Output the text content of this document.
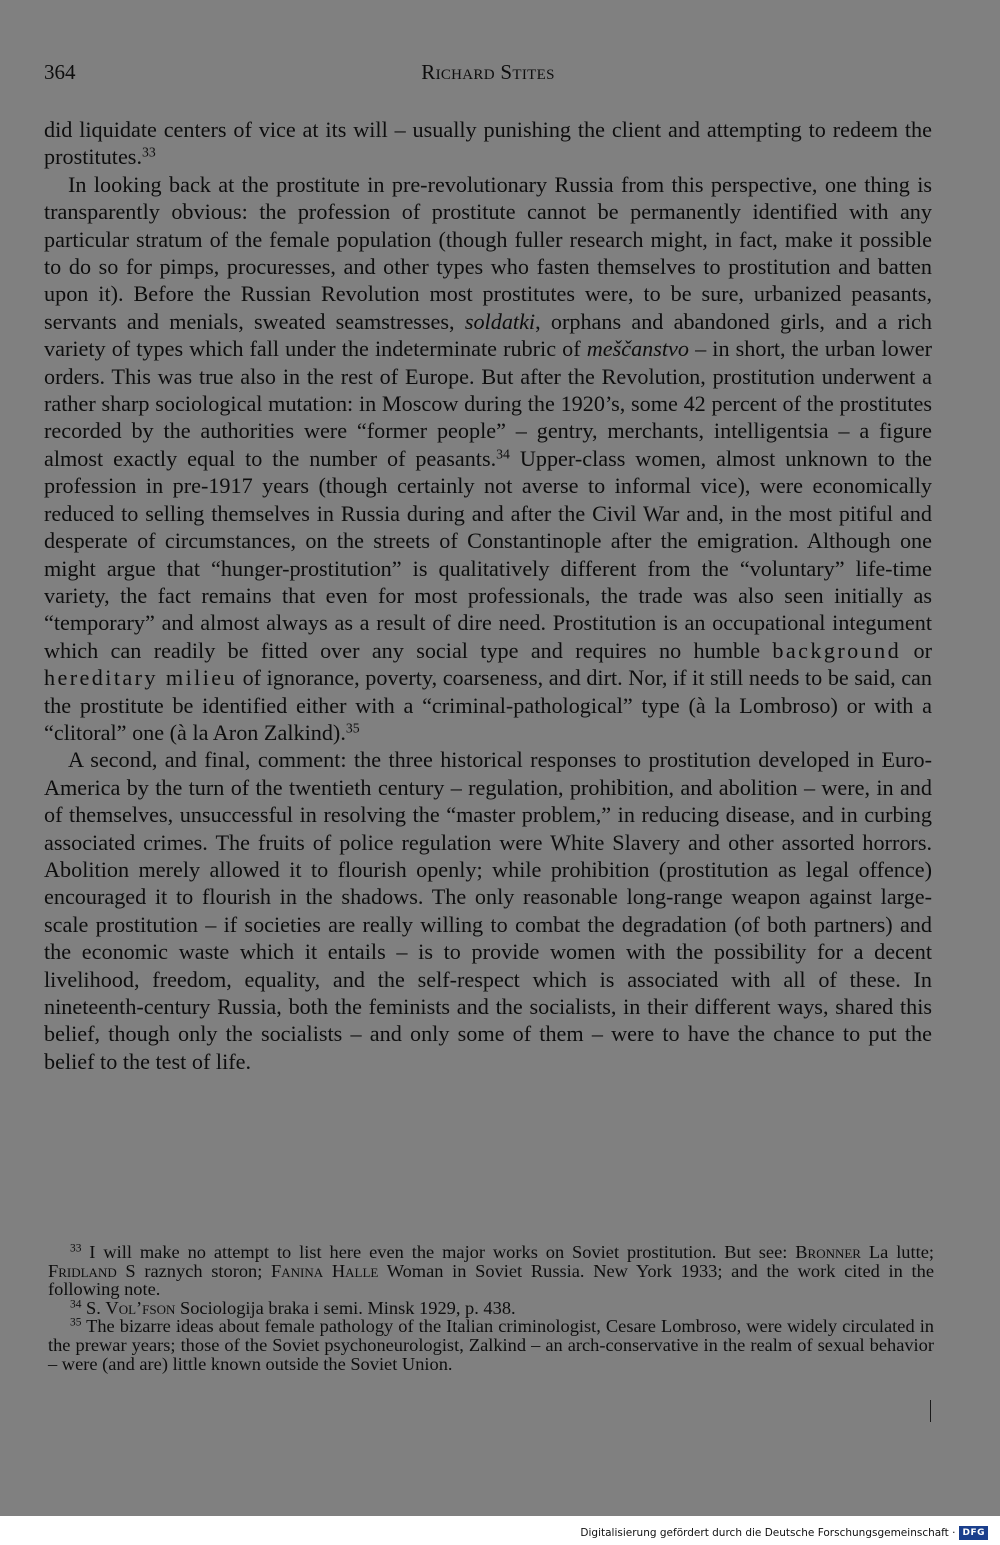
364	Richard Stites

did liquidate centers of vice at its will – usually punishing the client and attempting to redeem the prostitutes.$^{33}$

In looking back at the prostitute in pre-revolutionary Russia from this perspective, one thing is transparently obvious: the profession of prostitute cannot be permanently identified with any particular stratum of the female population (though fuller research might, in fact, make it possible to do so for pimps, procuresses, and other types who fasten themselves to prostitution and batten upon it). Before the Russian Revolution most prostitutes were, to be sure, urbanized peasants, servants and menials, sweated seamstresses, soldatki, orphans and abandoned girls, and a rich variety of types which fall under the indeterminate rubric of meščanstvo – in short, the urban lower orders. This was true also in the rest of Europe. But after the Revolution, prostitution underwent a rather sharp sociological mutation: in Moscow during the 1920’s, some 42 percent of the prostitutes recorded by the authorities were “former people” – gentry, merchants, intelligentsia – a figure almost exactly equal to the number of peasants.$^{34}$ Upper-class women, almost unknown to the profession in pre-1917 years (though certainly not averse to informal vice), were economically reduced to selling themselves in Russia during and after the Civil War and, in the most pitiful and desperate of circumstances, on the streets of Constantinople after the emigration. Although one might argue that “hunger-prostitution” is qualitatively different from the “voluntary” life-time variety, the fact remains that even for most professionals, the trade was also seen initially as “temporary” and almost always as a result of dire need. Prostitution is an occupational integument which can readily be fitted over any social type and requires no humble background or hereditary milieu of ignorance, poverty, coarseness, and dirt. Nor, if it still needs to be said, can the prostitute be identified either with a “criminal-pathological” type (à la Lombroso) or with a “clitoral” one (à la Aron Zalkind).$^{35}$

A second, and final, comment: the three historical responses to prostitution developed in Euro-America by the turn of the twentieth century – regulation, prohibition, and abolition – were, in and of themselves, unsuccessful in resolving the “master problem,” in reducing disease, and in curbing associated crimes. The fruits of police regulation were White Slavery and other assorted horrors. Abolition merely allowed it to flourish openly; while prohibition (prostitution as legal offence) encouraged it to flourish in the shadows. The only reasonable long-range weapon against large-scale prostitution – if societies are really willing to combat the degradation (of both partners) and the economic waste which it entails – is to provide women with the possibility for a decent livelihood, freedom, equality, and the self-respect which is associated with all of these. In nineteenth-century Russia, both the feminists and the socialists, in their different ways, shared this belief, though only the socialists – and only some of them – were to have the chance to put the belief to the test of life.

$^{33}$ I will make no attempt to list here even the major works on Soviet prostitution. But see: Bronner La lutte; Fridland S raznych storon; Fanina Halle Woman in Soviet Russia. New York 1933; and the work cited in the following note.

$^{34}$ S. Vol’fson Sociologija braka i semi. Minsk 1929, p. 438.

$^{35}$ The bizarre ideas about female pathology of the Italian criminologist, Cesare Lombroso, were widely circulated in the prewar years; those of the Soviet psychoneurologist, Zalkind – an arch-conservative in the realm of sexual behavior – were (and are) little known outside the Soviet Union.

Digitalisierung gefördert durch die Deutsche Forschungsgemeinschaft · DFG
